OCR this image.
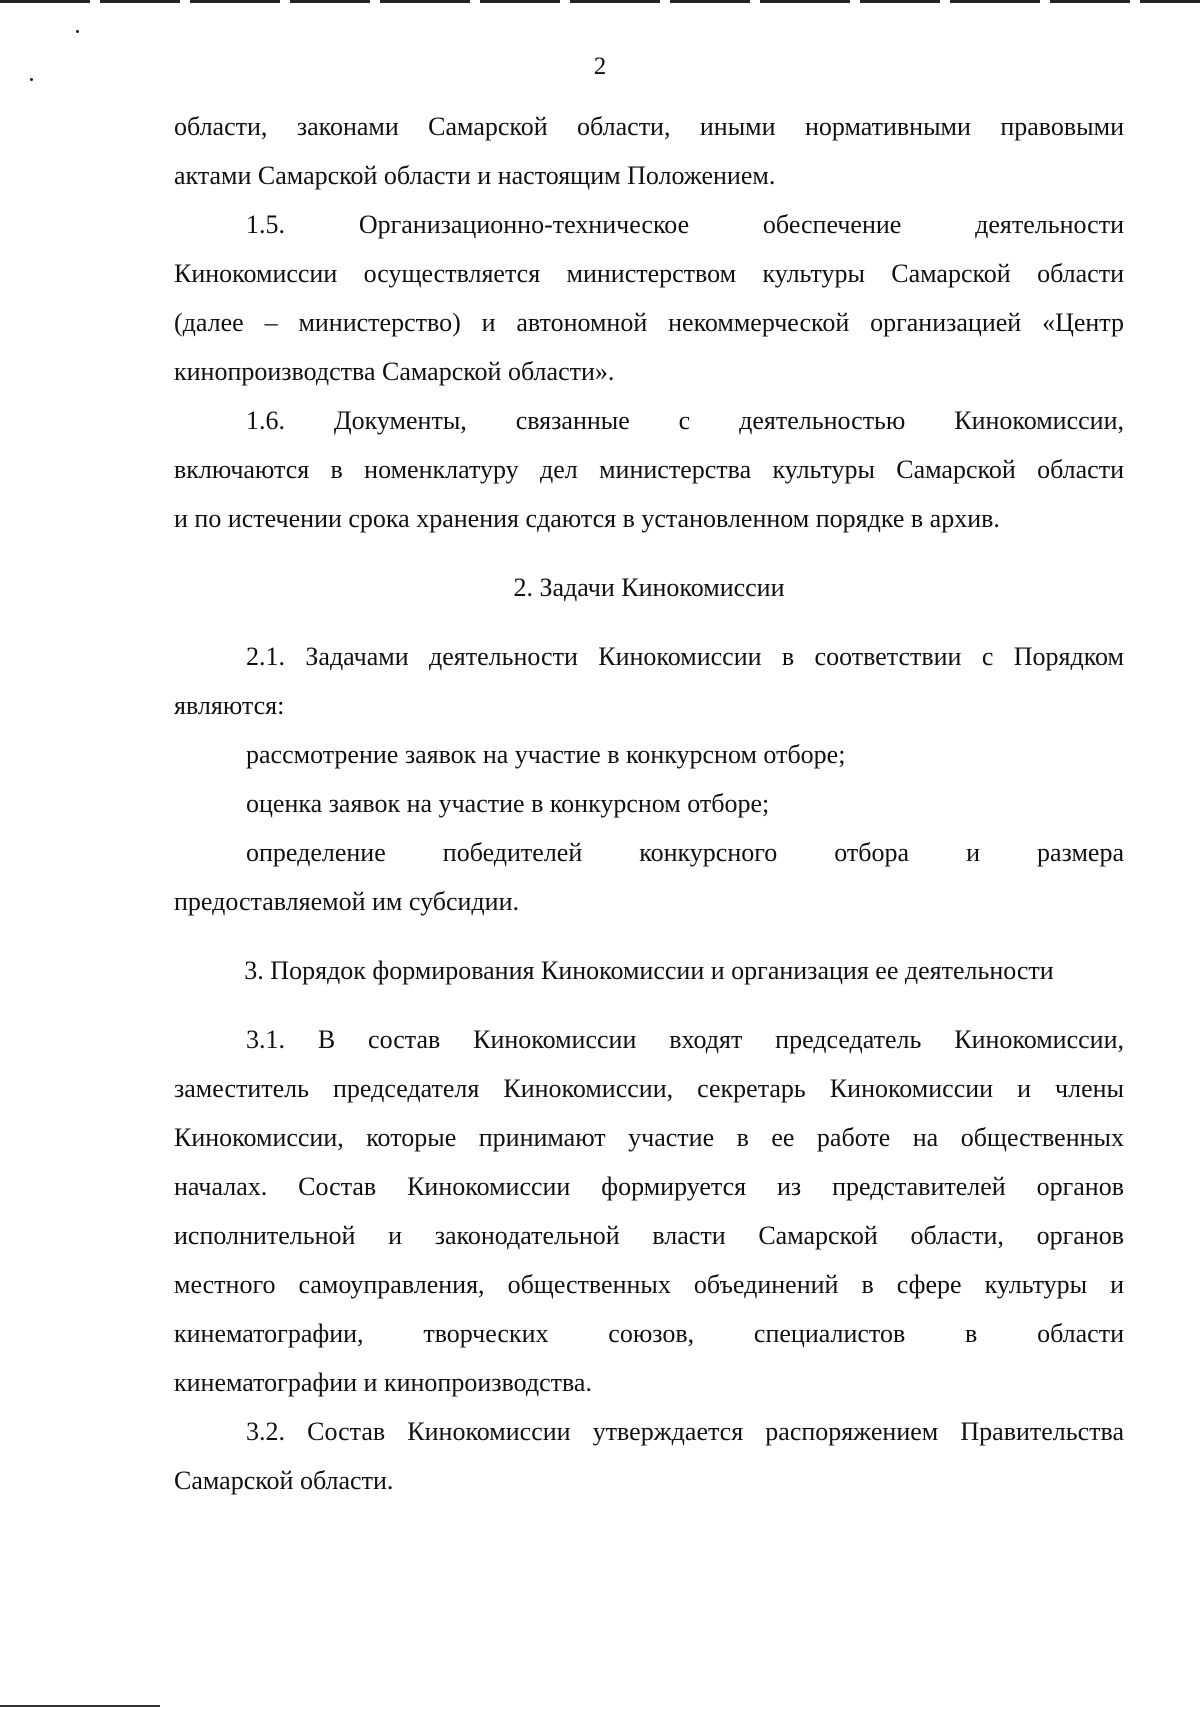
2
области, законами Самарской области, иными нормативными правовыми
актами Самарской области и настоящим Положением.
1.5. Организационно-техническое обеспечение деятельности
Кинокомиссии осуществляется министерством культуры Самарской области
(далее – министерство) и автономной некоммерческой организацией «Центр
кинопроизводства Самарской области».
1.6. Документы, связанные с деятельностью Кинокомиссии,
включаются в номенклатуру дел министерства культуры Самарской области
и по истечении срока хранения сдаются в установленном порядке в архив.
2. Задачи Кинокомиссии
2.1. Задачами деятельности Кинокомиссии в соответствии с Порядком
являются:
рассмотрение заявок на участие в конкурсном отборе;
оценка заявок на участие в конкурсном отборе;
определение победителей конкурсного отбора и размера
предоставляемой им субсидии.
3. Порядок формирования Кинокомиссии и организация ее деятельности
3.1. В состав Кинокомиссии входят председатель Кинокомиссии,
заместитель председателя Кинокомиссии, секретарь Кинокомиссии и члены
Кинокомиссии, которые принимают участие в ее работе на общественных
началах. Состав Кинокомиссии формируется из представителей органов
исполнительной и законодательной власти Самарской области, органов
местного самоуправления, общественных объединений в сфере культуры и
кинематографии, творческих союзов, специалистов в области
кинематографии и кинопроизводства.
3.2. Состав Кинокомиссии утверждается распоряжением Правительства
Самарской области.
